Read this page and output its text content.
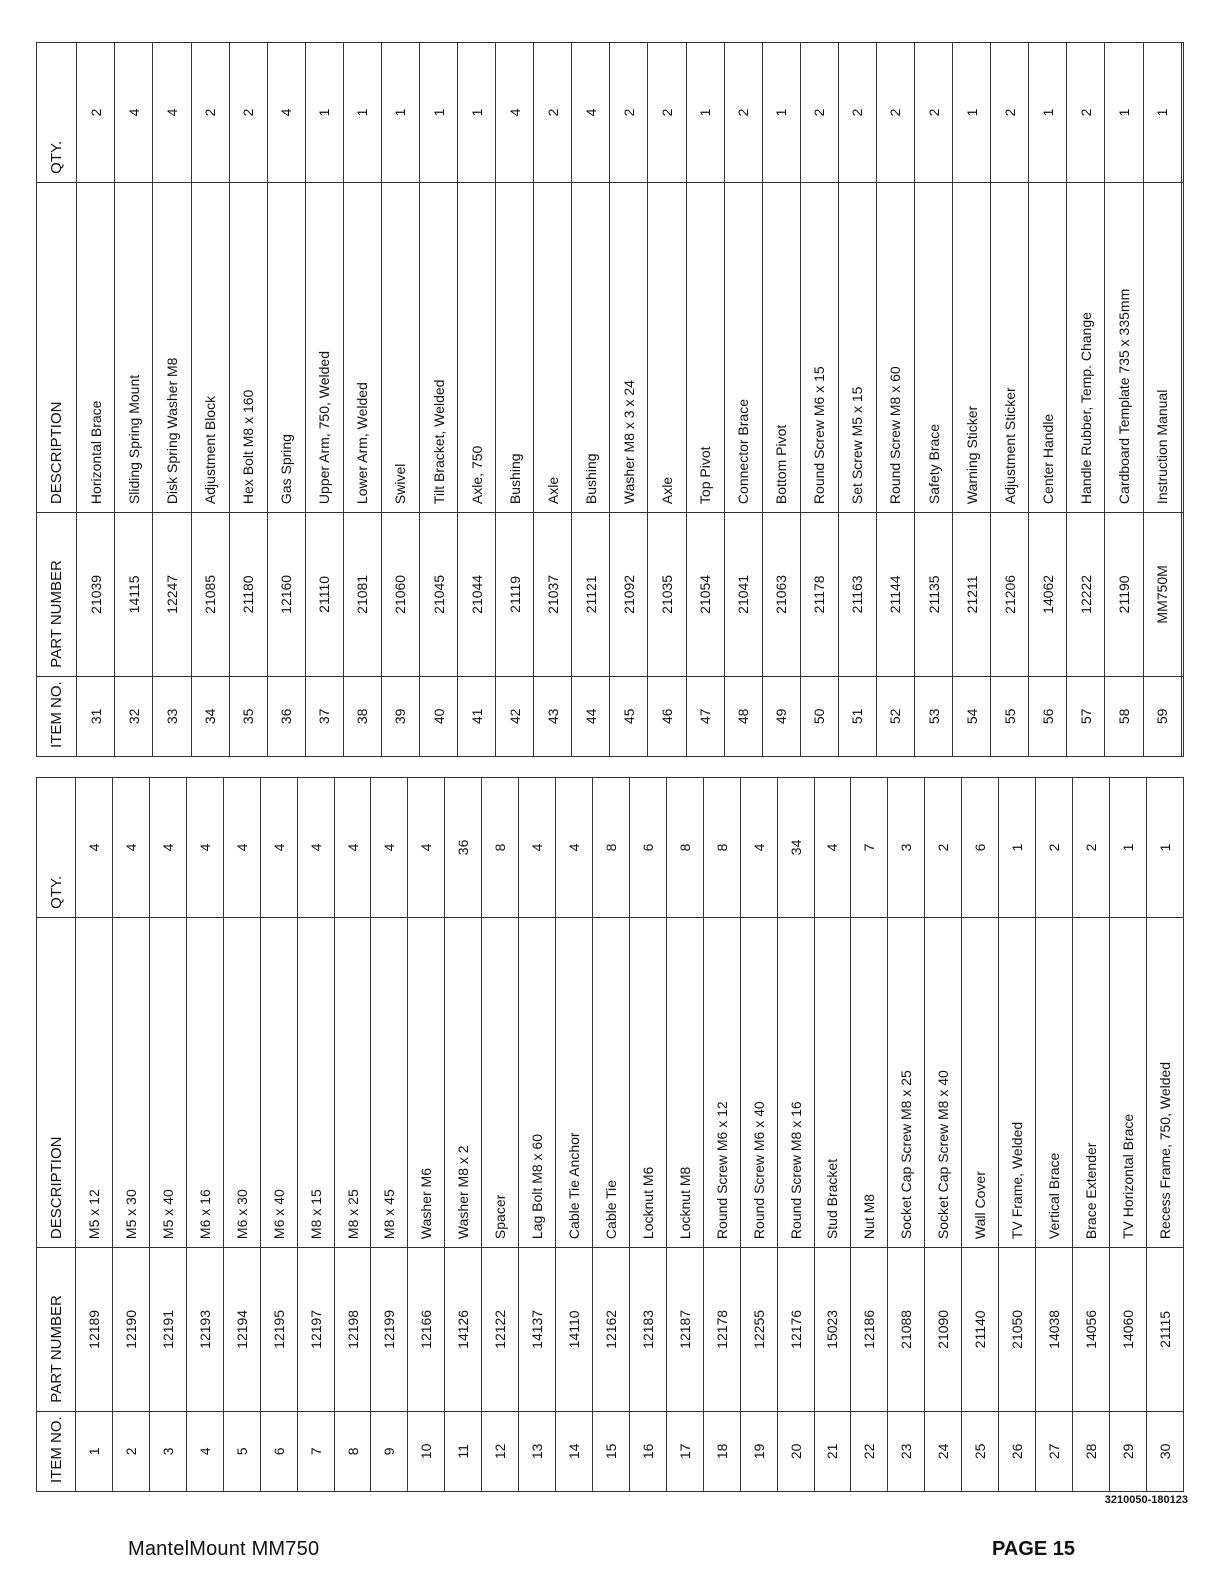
ITEM NO.	PART NUMBER	DESCRIPTION	QTY.
1	12189	M5 x 12	4
2	12190	M5 x 30	4
3	12191	M5 x 40	4
4	12193	M6 x 16	4
5	12194	M6 x 30	4
6	12195	M6 x 40	4
7	12197	M8 x 15	4
8	12198	M8 x 25	4
9	12199	M8 x 45	4
10	12166	Washer M6	4
11	14126	Washer M8 x 2	36
12	12122	Spacer	8
13	14137	Lag Bolt M8 x 60	4
14	14110	Cable Tie Anchor	4
15	12162	Cable Tie	8
16	12183	Locknut M6	6
17	12187	Locknut M8	8
18	12178	Round Screw M6 x 12	8
19	12255	Round Screw M6 x 40	4
20	12176	Round Screw M8 x 16	34
21	15023	Stud Bracket	4
22	12186	Nut M8	7
23	21088	Socket Cap Screw M8 x 25	3
24	21090	Socket Cap Screw M8 x 40	2
25	21140	Wall Cover	6
26	21050	TV Frame, Welded	1
27	14038	Vertical Brace	2
28	14056	Brace Extender	2
29	14060	TV Horizontal Brace	1
30	21115	Recess Frame, 750, Welded	1
ITEM NO.	PART NUMBER	DESCRIPTION	QTY.
31	21039	Horizontal Brace	2
32	14115	Sliding Spring Mount	4
33	12247	Disk Spring Washer M8	4
34	21085	Adjustment Block	2
35	21180	Hex Bolt M8 x 160	2
36	12160	Gas Spring	4
37	21110	Upper Arm, 750, Welded	1
38	21081	Lower Arm, Welded	1
39	21060	Swivel	1
40	21045	Tilt Bracket, Welded	1
41	21044	Axle, 750	1
42	21119	Bushing	4
43	21037	Axle	2
44	21121	Bushing	4
45	21092	Washer M8 x 3 x 24	2
46	21035	Axle	2
47	21054	Top Pivot	1
48	21041	Connector Brace	2
49	21063	Bottom Pivot	1
50	21178	Round Screw M6 x 15	2
51	21163	Set Screw M5 x 15	2
52	21144	Round Screw M8 x 60	2
53	21135	Safety Brace	2
54	21211	Warning Sticker	1
55	21206	Adjustment Sticker	2
56	14062	Center Handle	1
57	12222	Handle Rubber, Temp. Change	2
58	21190	Cardboard Template 735 x 335mm	1
59	MM750M	Instruction Manual	1

3210050-180123
MantelMount MM750	PAGE 15
